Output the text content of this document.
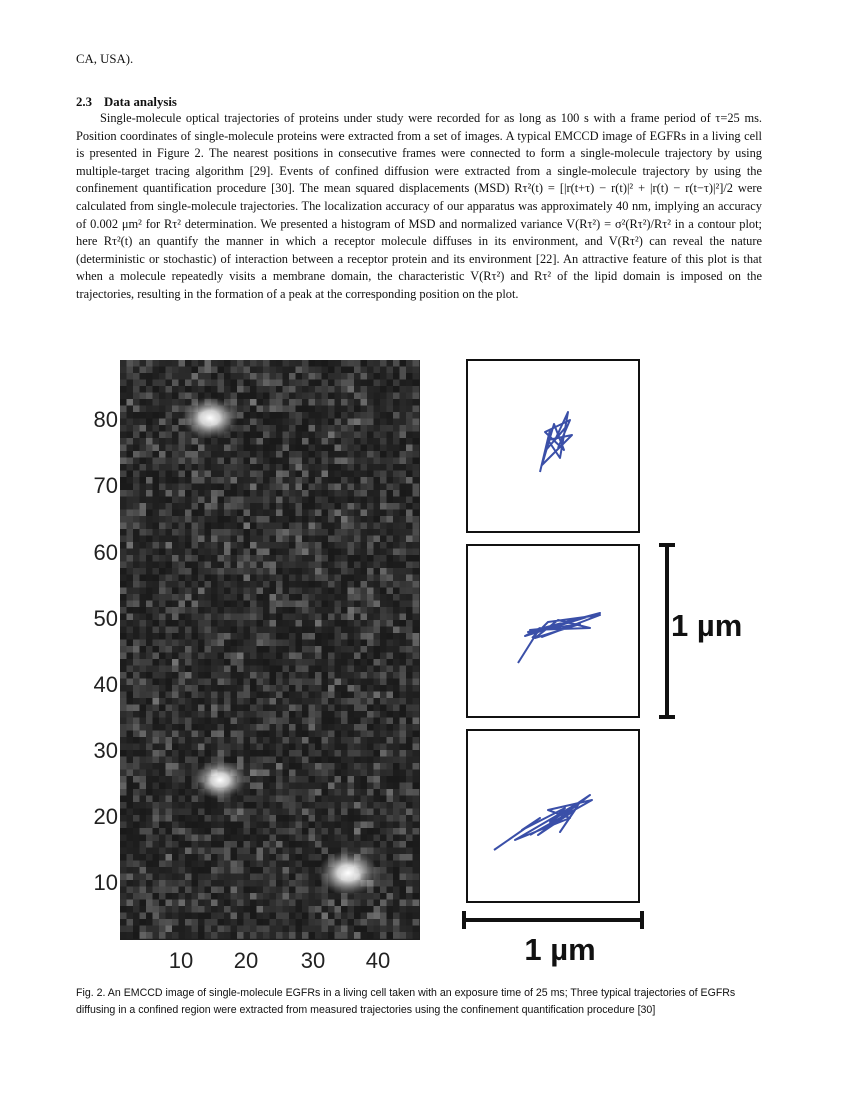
CA, USA).
2.3 Data analysis

Single-molecule optical trajectories of proteins under study were recorded for as long as 100 s with a frame period of τ=25 ms. Position coordinates of single-molecule proteins were extracted from a set of images. A typical EMCCD image of EGFRs in a living cell is presented in Figure 2. The nearest positions in consecutive frames were connected to form a single-molecule trajectory by using multiple-target tracing algorithm [29]. Events of confined diffusion were extracted from a single-molecule trajectory by using the confinement quantification procedure [30]. The mean squared displacements (MSD) Rτ²(t) = [|r(t+τ) − r(t)|² + |r(t) − r(t−τ)|²]/2 were calculated from single-molecule trajectories. The localization accuracy of our apparatus was approximately 40 nm, implying an accuracy of 0.002 μm² for Rτ² determination. We presented a histogram of MSD and normalized variance V(Rτ²) = σ²(Rτ²)/Rτ² in a contour plot; here Rτ²(t) an quantify the manner in which a receptor molecule diffuses in its environment, and V(Rτ²) can reveal the nature (deterministic or stochastic) of interaction between a receptor protein and its environment [22]. An attractive feature of this plot is that when a molecule repeatedly visits a membrane domain, the characteristic V(Rτ²) and Rτ² of the lipid domain is imposed on the trajectories, resulting in the formation of a peak at the corresponding position on the plot.

80
70
60
50
40
30
20
10
10 20 30 40
1 µm
1 µm
Fig. 2. An EMCCD image of single-molecule EGFRs in a living cell taken with an exposure time of 25 ms; Three typical trajectories of EGFRs diffusing in a confined region were extracted from measured trajectories using the confinement quantification procedure [30]
